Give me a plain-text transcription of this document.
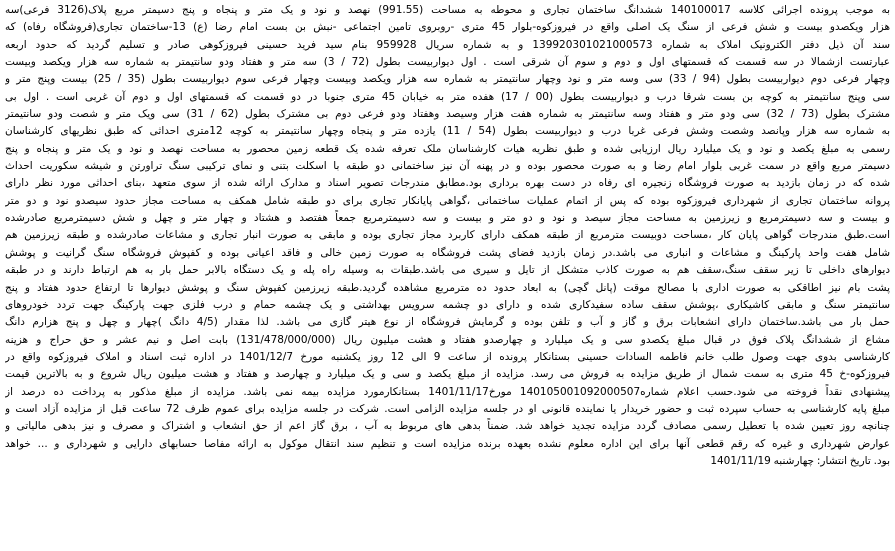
به موجب پرونده اجرائی کلاسه 140100017 ششدانگ ساختمان تجاری و محوطه به مساحت (991.55) نهصد و نود و یک متر و پنجاه و پنج دسیمتر مربع پلاک(3126 فرعی)سه
هزار ویکصدو بیست و شش فرعی از سنگ یک اصلی واقع در فیروزکوه-بلوار 45 متری -روبروی تامین اجتماعی -نبش بن بست امام رضا (ع) 13-ساختمان تجاری(فروشگاه رفاه) که
سند آن ذیل دفتر الکترونیک املاک به شماره 139920301021000573 و به شماره سریال 959928 بنام سید فرید حسینی فیروزکوهی صادر و تسلیم گردید که حدود اربعه
عبارتست ازشمالا در سه قسمت که قسمتهای اول و دوم و سوم آن شرقی است . اول دیواربیست بطول (72 / 3) سه متر و هفتاد ودو سانتیمتر به شماره سه هزار ویکصد وبیست
وچهار فرعی دوم دیواربیست بطول (94 / 33) سی وسه متر و نود وچهار سانتیمتر به شماره سه هزار ویکصد وبیست وچهار فرعی سوم دیواربیست بطول (35 / 25) بیست وپنج متر و
سی وپنج سانتیمتر به کوچه بن بست شرقا درب و دیواربیست بطول (00 / 17) هفده متر به خیابان 45 متری جنوبا در دو قسمت که قسمتهای اول و دوم آن غربی است . اول بی
مشترک بطول (73 / 32) سی ودو متر و هفتاد وسه سانتیمتر به شماره هفت هزار وسیصد وهفتاد ودو فرعی دوم بی مشترک بطول (62 / 31) سی ویک متر و شصت ودو سانتیمتر
به شماره سه هزار وپانصد وشصت وشش فرعی غربا درب و دیواربیست بطول (54 / 11) یازده متر و پنجاه وچهار سانتیمتر به کوچه 12متری احداثی که طبق نظریهای کارشناسان
رسمی به مبلغ یکصد و نود و یک میلیارد ریال ارزیابی شده و طبق نظریه هیات کارشناسان ملک تعرفه شده یک قطعه زمین محصور به مساحت نهصد و نود و یک متر و پنجاه و پنج
دسیمتر مربع واقع در سمت غربی بلوار امام رضا و به صورت محصور بوده و در پهنه آن نیز ساختمانی دو طبقه با اسکلت بتنی و نمای ترکیبی سنگ تراورتن و شیشه سکوریت احداث
شده که در زمان بازدید به صورت فروشگاه زنجیره ای رفاه در دست بهره برداری بود.مطابق مندرجات تصویر اسناد و مدارک ارائه شده از سوی متعهد ،بنای احداثی مورد نظر دارای
پروانه ساختمان تجاری از شهرداری فیروزکوه بوده که پس از اتمام عملیات ساختمانی ،گواهی پایانکار تجاری برای دو طبقه شامل همکف به مساحت مجاز حدود سیصدو نود و دو متر
و بیست و سه دسیمترمربع و زیرزمین به مساحت مجاز سیصد و نود و دو متر و بیست و سه دسیمترمربع جمعاً هفتصد و هشتاد و چهار متر و چهل و شش دسیمترمربع صادرشده
است.طبق مندرجات گواهی پایان کار ،مساحت دوبیست مترمربع از طبقه همکف دارای کاربرد مجاز تجاری بوده و مابقی به صورت انبار تجاری و مشاعات صادرشده و طبقه زیرزمین هم
شامل هفت واحد پارکینگ و مشاعات و انباری می باشد.در زمان بازدید فضای پشت فروشگاه به صورت زمین خالی و فاقد اعیانی بوده و کفپوش فروشگاه سنگ گرانیت و پوشش
دیوارهای داخلی تا زیر سقف سنگ،سقف هم به صورت کاذب متشکل از تایل و سیری می باشد.طبقات به وسیله راه پله و یک دستگاه بالابر حمل بار به هم ارتباط دارند و در طبقه
پشت بام نیز اطاقکی به صورت اداری با مصالح موقت (پانل گچی) به ابعاد حدود ده مترمربع مشاهده گردید.طبقه زیرزمین کفپوش سنگ و پوشش دیوارها تا ارتفاع حدود هفتاد و پنج
سانتیمتر سنگ و مابقی کاشیکاری ،پوشش سقف ساده سفیدکاری شده و دارای دو چشمه سرویس بهداشتی و یک چشمه حمام و درب فلزی جهت پارکینگ جهت تردد خودروهای
حمل بار می باشد.ساختمان دارای انشعابات برق و گاز و آب و تلفن بوده و گرمایش فروشگاه از نوع هیتر گازی می باشد. لذا مقدار (4/5 دانگ )چهار و چهل و پنج هزارم دانگ
مشاع از ششدانگ پلاک فوق در قبال مبلغ یکصدو سی و یک میلیارد و چهارصدو هفتاد و هشت میلیون ریال (131/478/000/000) بابت اصل و نیم عشر و حق حراج و هزینه
کارشناسی بدوی جهت وصول طلب خانم فاطمه السادات حسینی بستانکار پرونده از ساعت 9 الی 12 روز یکشنبه مورخ 1401/12/7 در اداره ثبت اسناد و املاک فیروزکوه واقع در
فیروزکوه-خ 45 متری به سمت شمال از طریق مزایده به فروش می رسد. مزایده از مبلغ یکصد و سی و یک میلیارد و چهارصد و هفتاد و هشت میلیون ریال شروع و به بالاترین قیمت
پیشنهادی نقداً فروخته می شود.حسب اعلام شماره140105001092000507 مورخ1401/11/17 بستانکارمورد مزایده بیمه نمی باشد. مزایده از مبلغ مذکور به پرداخت ده درصد از
مبلغ پایه کارشناسی به حساب سپرده ثبت و حضور خریدار یا نماینده قانونی او در جلسه مزایده الزامی است. شرکت در جلسه مزایده برای عموم ظرف 72 ساعت قبل از مزایده آزاد است و
چنانچه روز تعیین شده با تعطیل رسمی مصادف گردد مزایده تجدید خواهد شد. ضمناً بدهی های مربوط به آب ، برق گاز اعم از حق انشعاب و اشتراک و مصرف و نیز بدهی مالیاتی و
عوارض شهرداری و غیره که رقم قطعی آنها برای این اداره معلوم نشده بعهده برنده مزایده است و تنظیم سند انتقال موکول به ارائه مفاصا حسابهای دارایی و شهرداری و ... خواهد
بود. تاریخ انتشار: چهارشنبه 1401/11/19
